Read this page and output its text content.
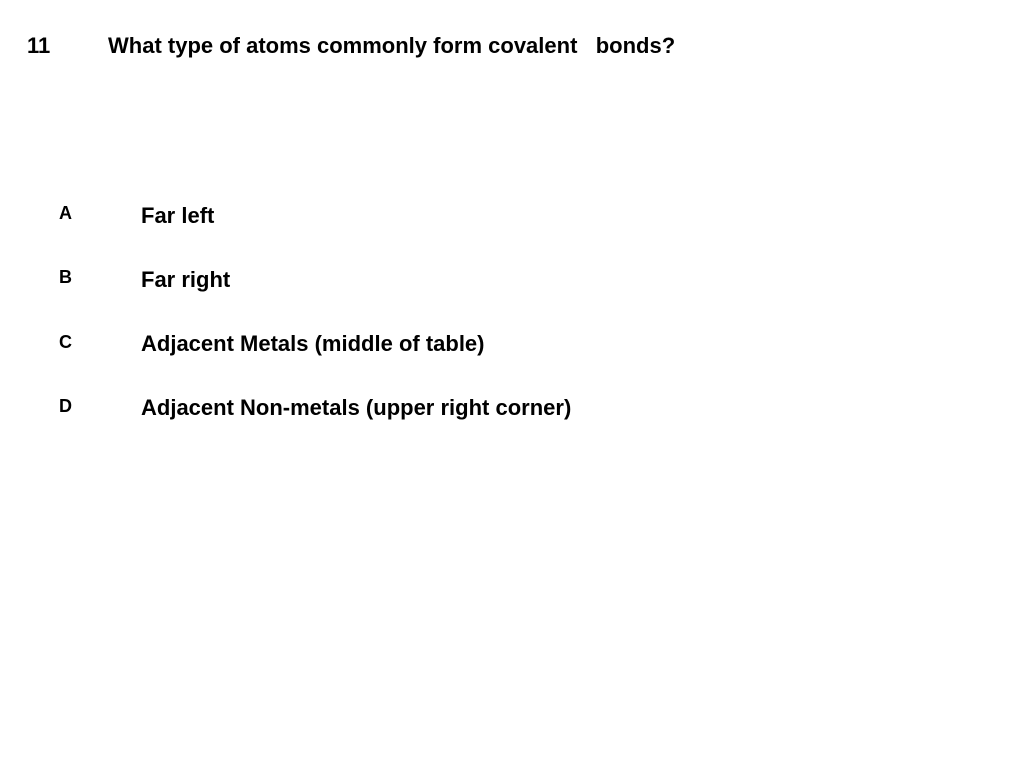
11	What type of atoms commonly form covalent   bonds?
A	Far left
B	Far right
C	Adjacent Metals (middle of table)
D	Adjacent Non-metals (upper right corner)
